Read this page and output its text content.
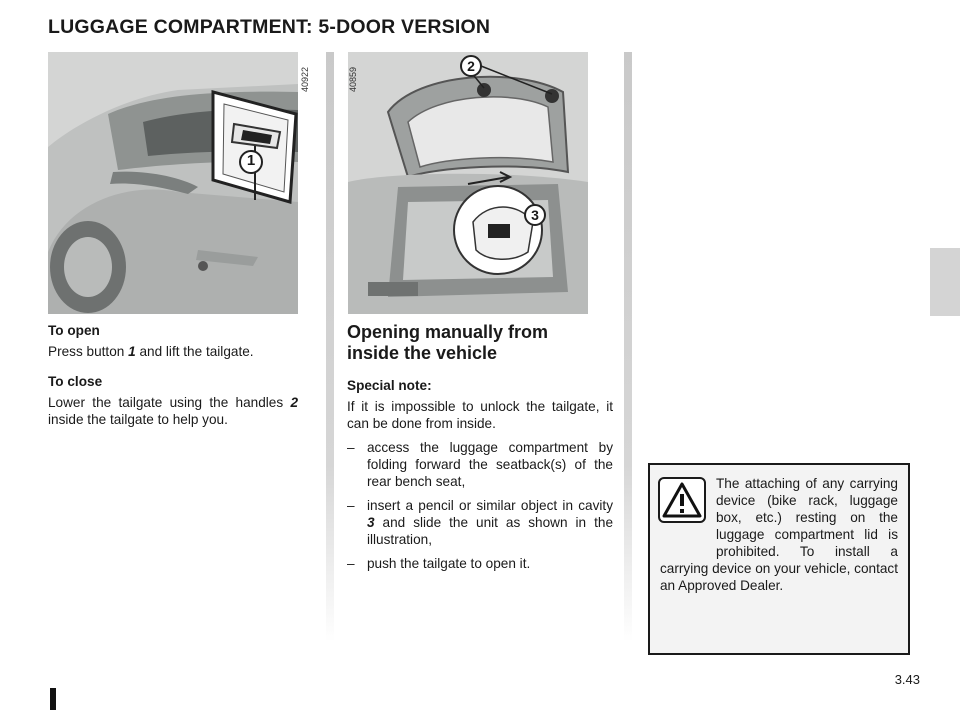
LUGGAGE COMPARTMENT: 5-DOOR VERSION
1
40922
2
3
40859

To open

Press button 1 and lift the tailgate.

To close

Lower the tailgate using the handles 2 inside the tailgate to help you.

Opening manually from

inside the vehicle

Special note:

If it is impossible to unlock the tailgate, it can be done from inside.

– access the luggage compartment by folding forward the seatback(s) of the rear bench seat,
– insert a pencil or similar object in cavity 3 and slide the unit as shown in the illustration,
– push the tailgate to open it.
The attaching of any carrying device (bike rack, luggage box, etc.) resting on the luggage compartment lid is prohibited. To install a carrying device on your vehicle, contact an Approved Dealer.
3.43
